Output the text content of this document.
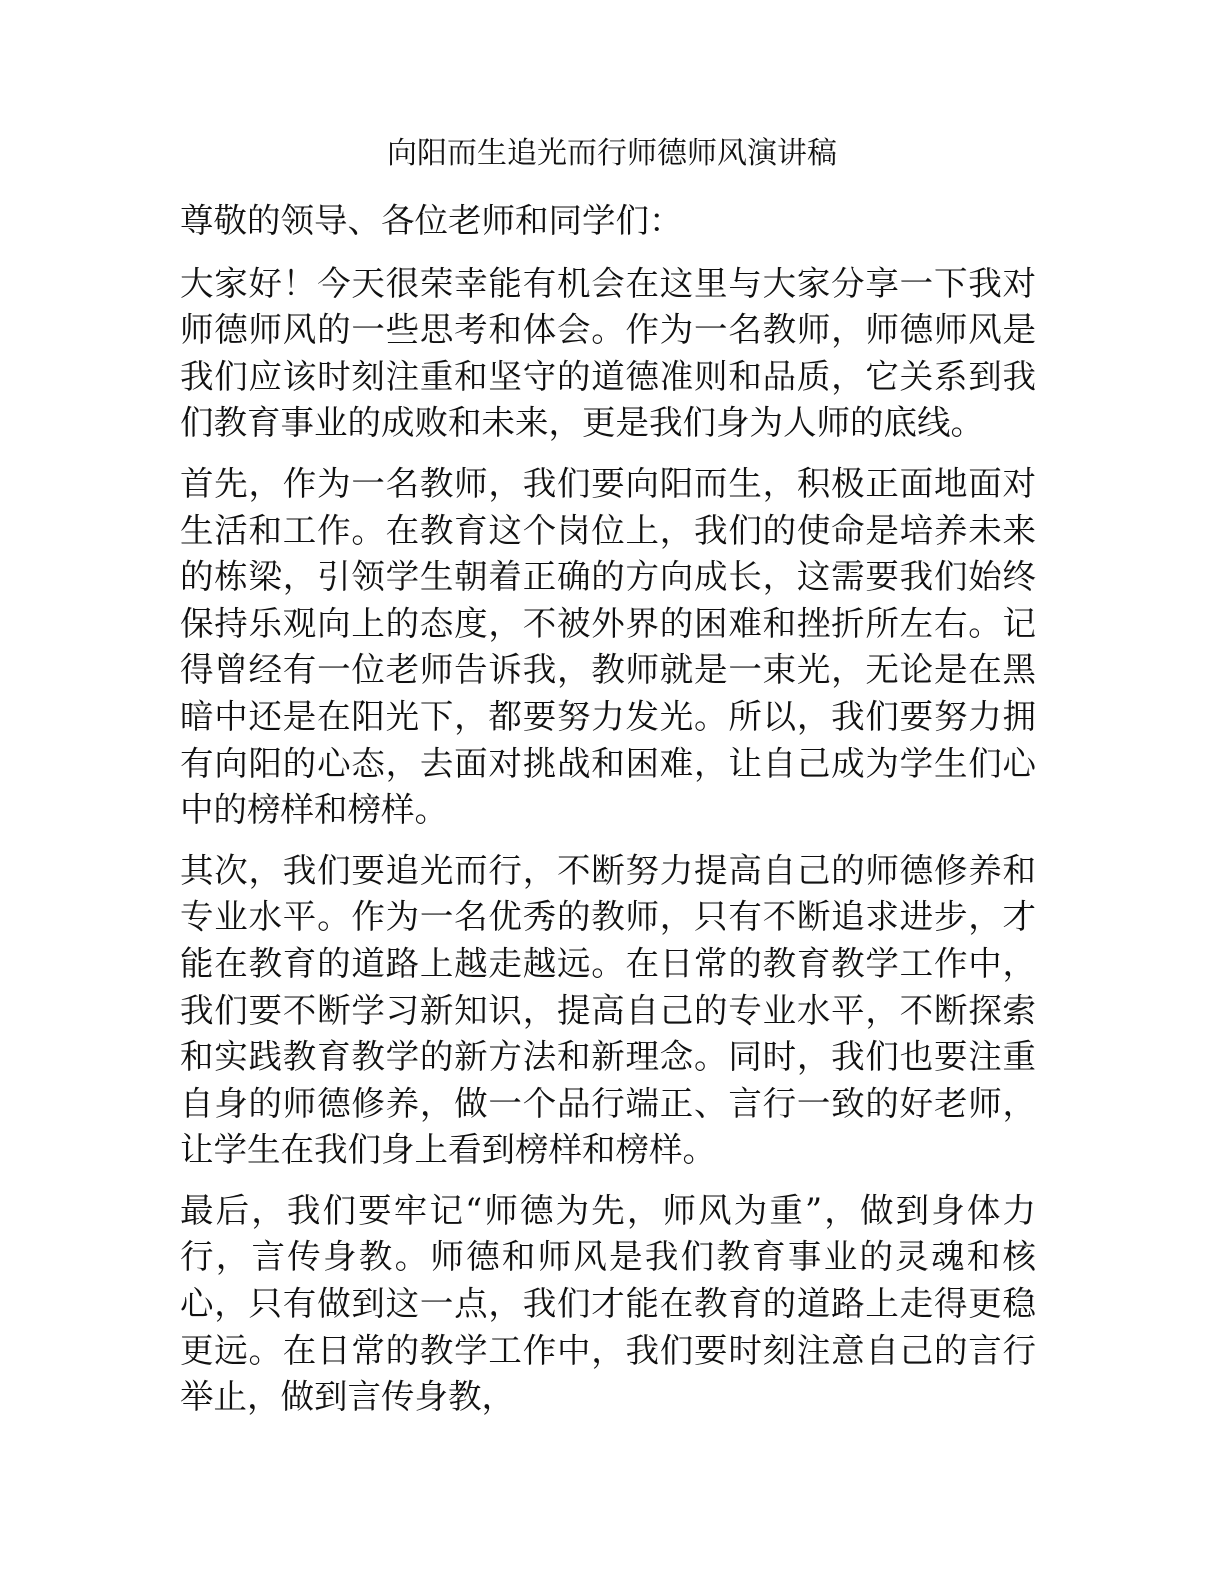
向阳而生追光而行师德师风演讲稿

尊敬的领导、各位老师和同学们：

大家好！今天很荣幸能有机会在这里与大家分享一下我对师德师风的一些思考和体会。作为一名教师，师德师风是我们应该时刻注重和坚守的道德准则和品质，它关系到我们教育事业的成败和未来，更是我们身为人师的底线。

首先，作为一名教师，我们要向阳而生，积极正面地面对生活和工作。在教育这个岗位上，我们的使命是培养未来的栋梁，引领学生朝着正确的方向成长，这需要我们始终保持乐观向上的态度，不被外界的困难和挫折所左右。记得曾经有一位老师告诉我，教师就是一束光，无论是在黑暗中还是在阳光下，都要努力发光。所以，我们要努力拥有向阳的心态，去面对挑战和困难，让自己成为学生们心中的榜样和榜样。

其次，我们要追光而行，不断努力提高自己的师德修养和专业水平。作为一名优秀的教师，只有不断追求进步，才能在教育的道路上越走越远。在日常的教育教学工作中，我们要不断学习新知识，提高自己的专业水平，不断探索和实践教育教学的新方法和新理念。同时，我们也要注重自身的师德修养，做一个品行端正、言行一致的好老师，让学生在我们身上看到榜样和榜样。

最后，我们要牢记“师德为先，师风为重”，做到身体力行，言传身教。师德和师风是我们教育事业的灵魂和核心，只有做到这一点，我们才能在教育的道路上走得更稳更远。在日常的教学工作中，我们要时刻注意自己的言行举止，做到言传身教，
